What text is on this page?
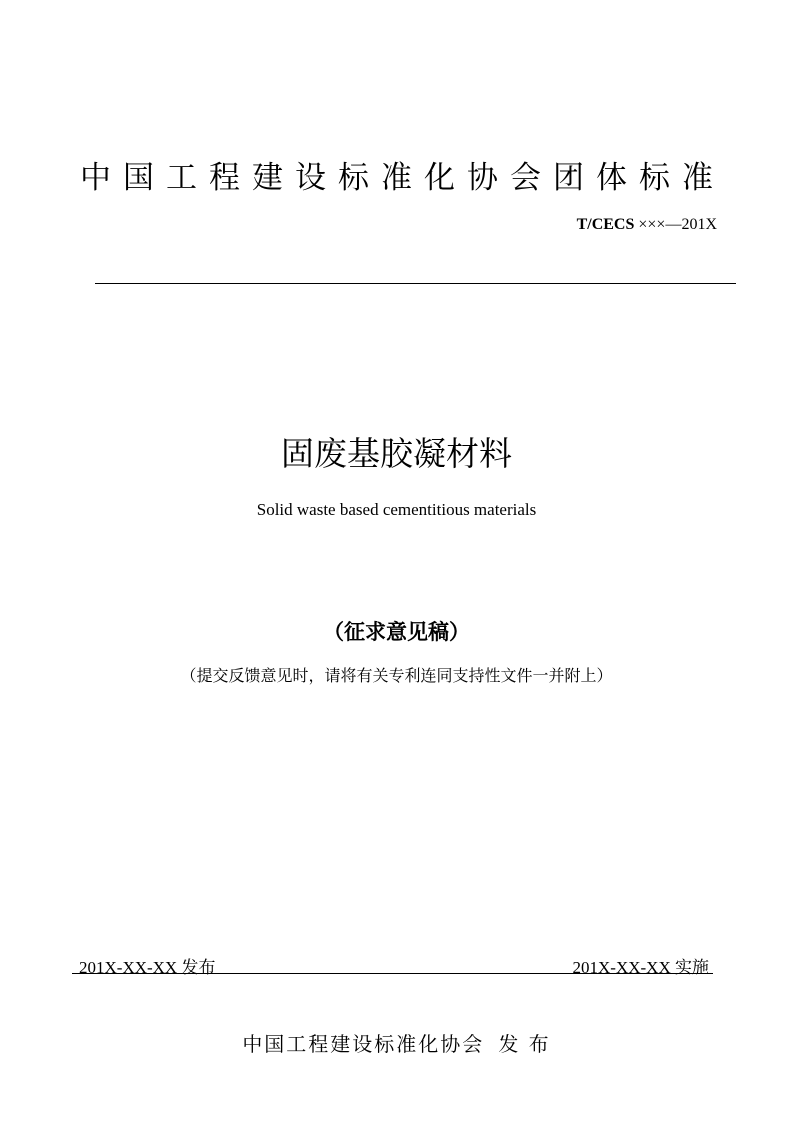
中国工程建设标准化协会团体标准
T/CECS ×××—201X
固废基胶凝材料
Solid waste based cementitious materials
（征求意见稿）
（提交反馈意见时，请将有关专利连同支持性文件一并附上）
201X-XX-XX 发布	201X-XX-XX 实施
中国工程建设标准化协会 发 布
